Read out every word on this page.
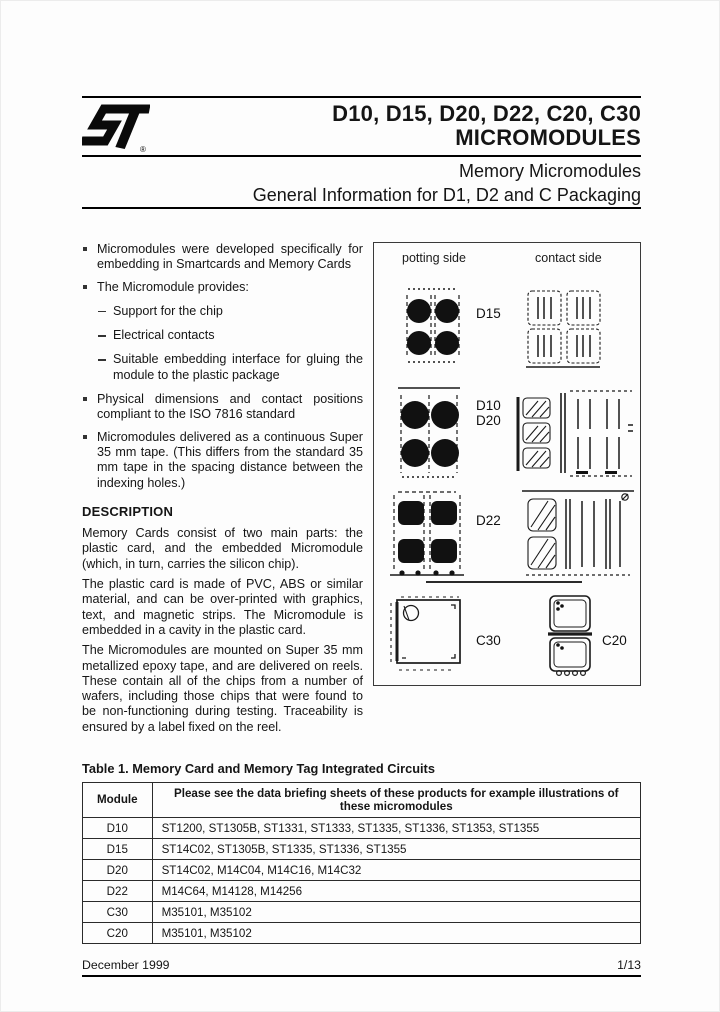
®
D10, D15, D20, D22, C20, C30
MICROMODULES
Memory Micromodules
General Information for D1, D2 and C Packaging
Micromodules were developed specifically for embedding in Smartcards and Memory Cards
The Micromodule provides:
Support for the chip
Electrical contacts
Suitable embedding interface for gluing the module to the plastic package
Physical dimensions and contact positions compliant to the ISO 7816 standard
Micromodules delivered as a continuous Super 35 mm tape. (This differs from the standard 35 mm tape in the spacing distance between the indexing holes.)
DESCRIPTION

Memory Cards consist of two main parts: the plastic card, and the embedded Micromodule (which, in turn, carries the silicon chip).

The plastic card is made of PVC, ABS or similar material, and can be over-printed with graphics, text, and magnetic strips. The Micromodule is embedded in a cavity in the plastic card.

The Micromodules are mounted on Super 35 mm metallized epoxy tape, and are delivered on reels. These contain all of the chips from a number of wafers, including those chips that were found to be non-functioning during testing. Traceability is ensured by a label fixed on the reel.

potting side	contact side
D15
D10
D20
D22
C30	C20
Table 1. Memory Card and Memory Tag Integrated Circuits
Module	Please see the data briefing sheets of these products for example illustrations of these micromodules
D10	ST1200, ST1305B, ST1331, ST1333, ST1335, ST1336, ST1353, ST1355
D15	ST14C02, ST1305B, ST1335, ST1336, ST1355
D20	ST14C02, M14C04, M14C16, M14C32
D22	M14C64, M14128, M14256
C30	M35101, M35102
C20	M35101, M35102
December 1999	1/13
